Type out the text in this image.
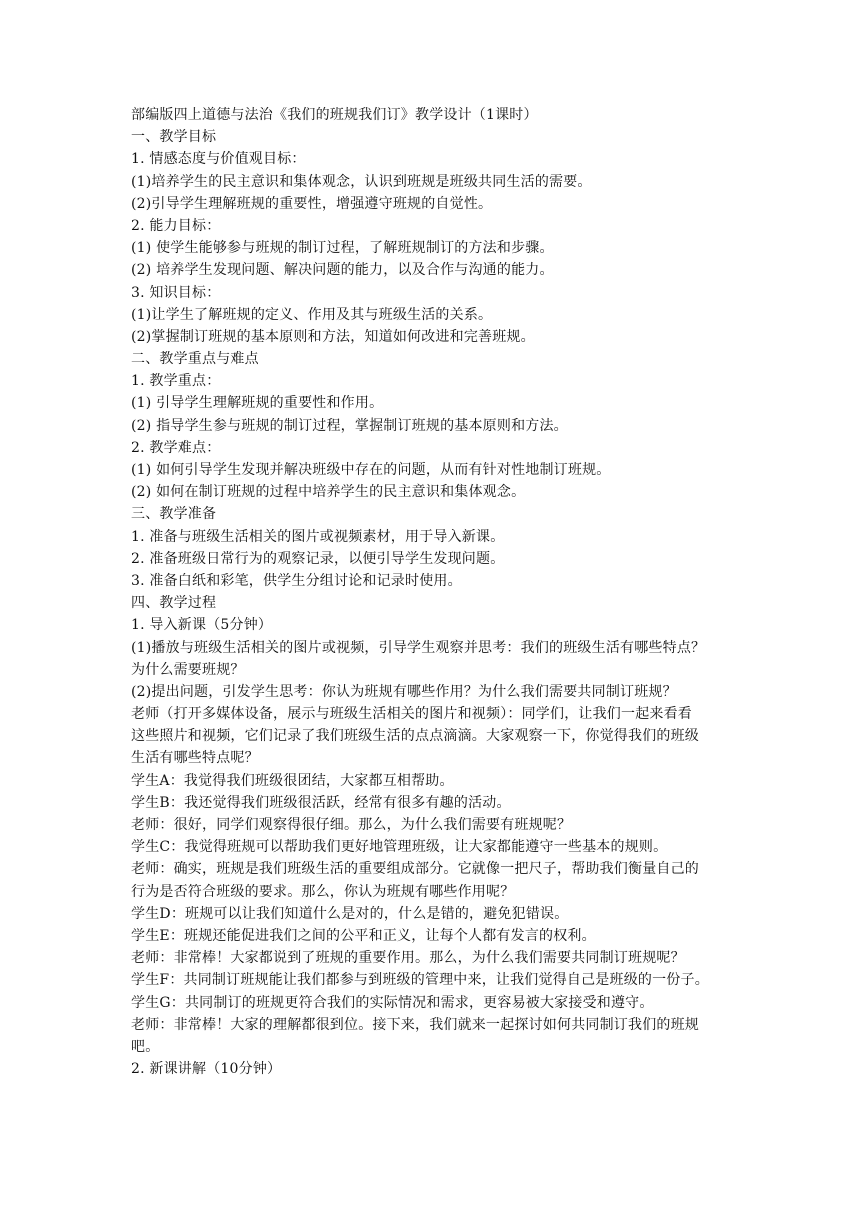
部编版四上道德与法治《我们的班规我们订》教学设计（1课时）
一、教学目标
1. 情感态度与价值观目标：
(1)培养学生的民主意识和集体观念，认识到班规是班级共同生活的需要。
(2)引导学生理解班规的重要性，增强遵守班规的自觉性。
2. 能力目标：
(1) 使学生能够参与班规的制订过程，了解班规制订的方法和步骤。
(2) 培养学生发现问题、解决问题的能力，以及合作与沟通的能力。
3. 知识目标：
(1)让学生了解班规的定义、作用及其与班级生活的关系。
(2)掌握制订班规的基本原则和方法，知道如何改进和完善班规。
二、教学重点与难点
1. 教学重点：
(1) 引导学生理解班规的重要性和作用。
(2) 指导学生参与班规的制订过程，掌握制订班规的基本原则和方法。
2. 教学难点：
(1) 如何引导学生发现并解决班级中存在的问题，从而有针对性地制订班规。
(2) 如何在制订班规的过程中培养学生的民主意识和集体观念。
三、教学准备
1. 准备与班级生活相关的图片或视频素材，用于导入新课。
2. 准备班级日常行为的观察记录，以便引导学生发现问题。
3. 准备白纸和彩笔，供学生分组讨论和记录时使用。
四、教学过程
1. 导入新课（5分钟）
(1)播放与班级生活相关的图片或视频，引导学生观察并思考：我们的班级生活有哪些特点？
为什么需要班规？
(2)提出问题，引发学生思考：你认为班规有哪些作用？为什么我们需要共同制订班规？
老师（打开多媒体设备，展示与班级生活相关的图片和视频）：同学们，让我们一起来看看
这些照片和视频，它们记录了我们班级生活的点点滴滴。大家观察一下，你觉得我们的班级
生活有哪些特点呢？
学生A：我觉得我们班级很团结，大家都互相帮助。
学生B：我还觉得我们班级很活跃，经常有很多有趣的活动。
老师：很好，同学们观察得很仔细。那么，为什么我们需要有班规呢？
学生C：我觉得班规可以帮助我们更好地管理班级，让大家都能遵守一些基本的规则。
老师：确实，班规是我们班级生活的重要组成部分。它就像一把尺子，帮助我们衡量自己的
行为是否符合班级的要求。那么，你认为班规有哪些作用呢？
学生D：班规可以让我们知道什么是对的，什么是错的，避免犯错误。
学生E：班规还能促进我们之间的公平和正义，让每个人都有发言的权利。
老师：非常棒！大家都说到了班规的重要作用。那么，为什么我们需要共同制订班规呢？
学生F：共同制订班规能让我们都参与到班级的管理中来，让我们觉得自己是班级的一份子。
学生G：共同制订的班规更符合我们的实际情况和需求，更容易被大家接受和遵守。
老师：非常棒！大家的理解都很到位。接下来，我们就来一起探讨如何共同制订我们的班规
吧。
2. 新课讲解（10分钟）
